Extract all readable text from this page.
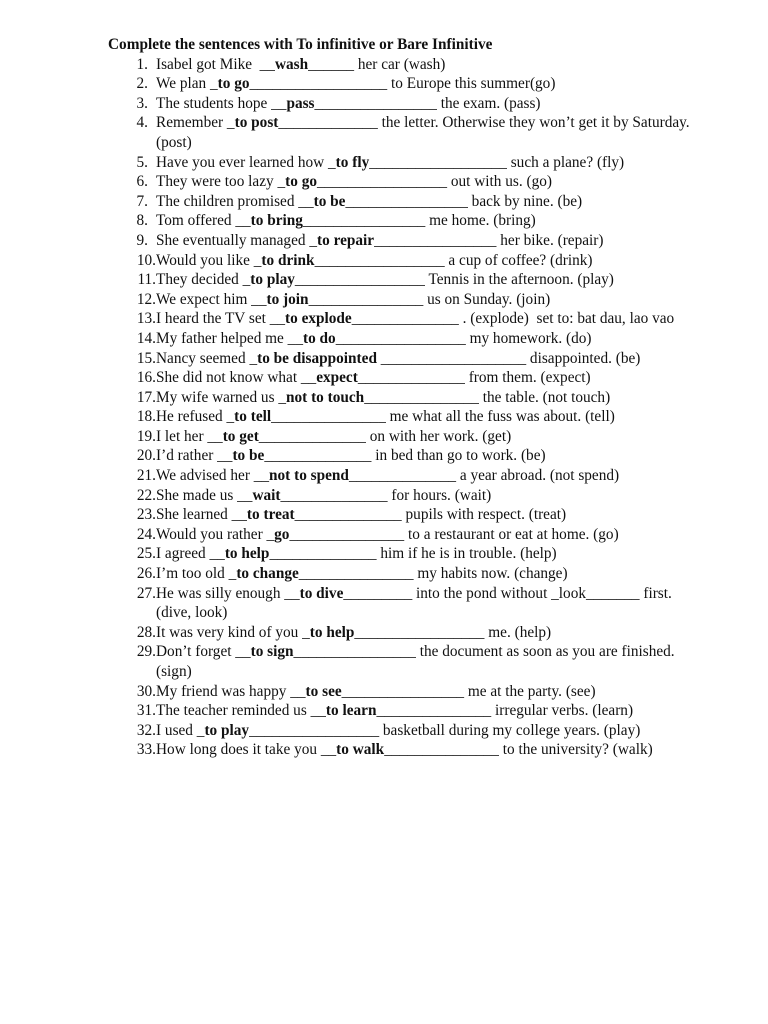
Complete the sentences with To infinitive or Bare Infinitive
1. Isabel got Mike  __wash______ her car (wash)
2. We plan _to go__________________ to Europe this summer(go)
3. The students hope __pass________________ the exam. (pass)
4. Remember _to post_____________ the letter. Otherwise they won’t get it by Saturday. (post)
5. Have you ever learned how _to fly__________________ such a plane? (fly)
6. They were too lazy _to go_________________ out with us. (go)
7. The children promised __to be________________ back by nine. (be)
8. Tom offered __to bring________________ me home. (bring)
9. She eventually managed _to repair________________ her bike. (repair)
10. Would you like _to drink_________________ a cup of coffee? (drink)
11. They decided _to play_________________ Tennis in the afternoon. (play)
12. We expect him __to join_______________ us on Sunday. (join)
13. I heard the TV set __to explode______________ . (explode)  set to: bat dau, lao vao
14. My father helped me __to do_________________ my homework. (do)
15. Nancy seemed _to be disappointed ___________________ disappointed. (be)
16. She did not know what __expect______________ from them. (expect)
17. My wife warned us _not to touch_______________ the table. (not touch)
18. He refused _to tell_______________ me what all the fuss was about. (tell)
19. I let her __to get______________ on with her work. (get)
20. I’d rather __to be______________ in bed than go to work. (be)
21. We advised her __not to spend______________ a year abroad. (not spend)
22. She made us __wait______________ for hours. (wait)
23. She learned __to treat______________ pupils with respect. (treat)
24. Would you rather _go_______________ to a restaurant or eat at home. (go)
25. I agreed __to help______________ him if he is in trouble. (help)
26. I’m too old _to change_______________ my habits now. (change)
27. He was silly enough __to dive_________ into the pond without _look_______ first.(dive, look)
28. It was very kind of you _to help_________________ me. (help)
29. Don’t forget __to sign________________ the document as soon as you are finished. (sign)
30. My friend was happy __to see________________ me at the party. (see)
31. The teacher reminded us __to learn_______________ irregular verbs. (learn)
32. I used _to play_________________ basketball during my college years. (play)
33. How long does it take you __to walk_______________ to the university? (walk)
